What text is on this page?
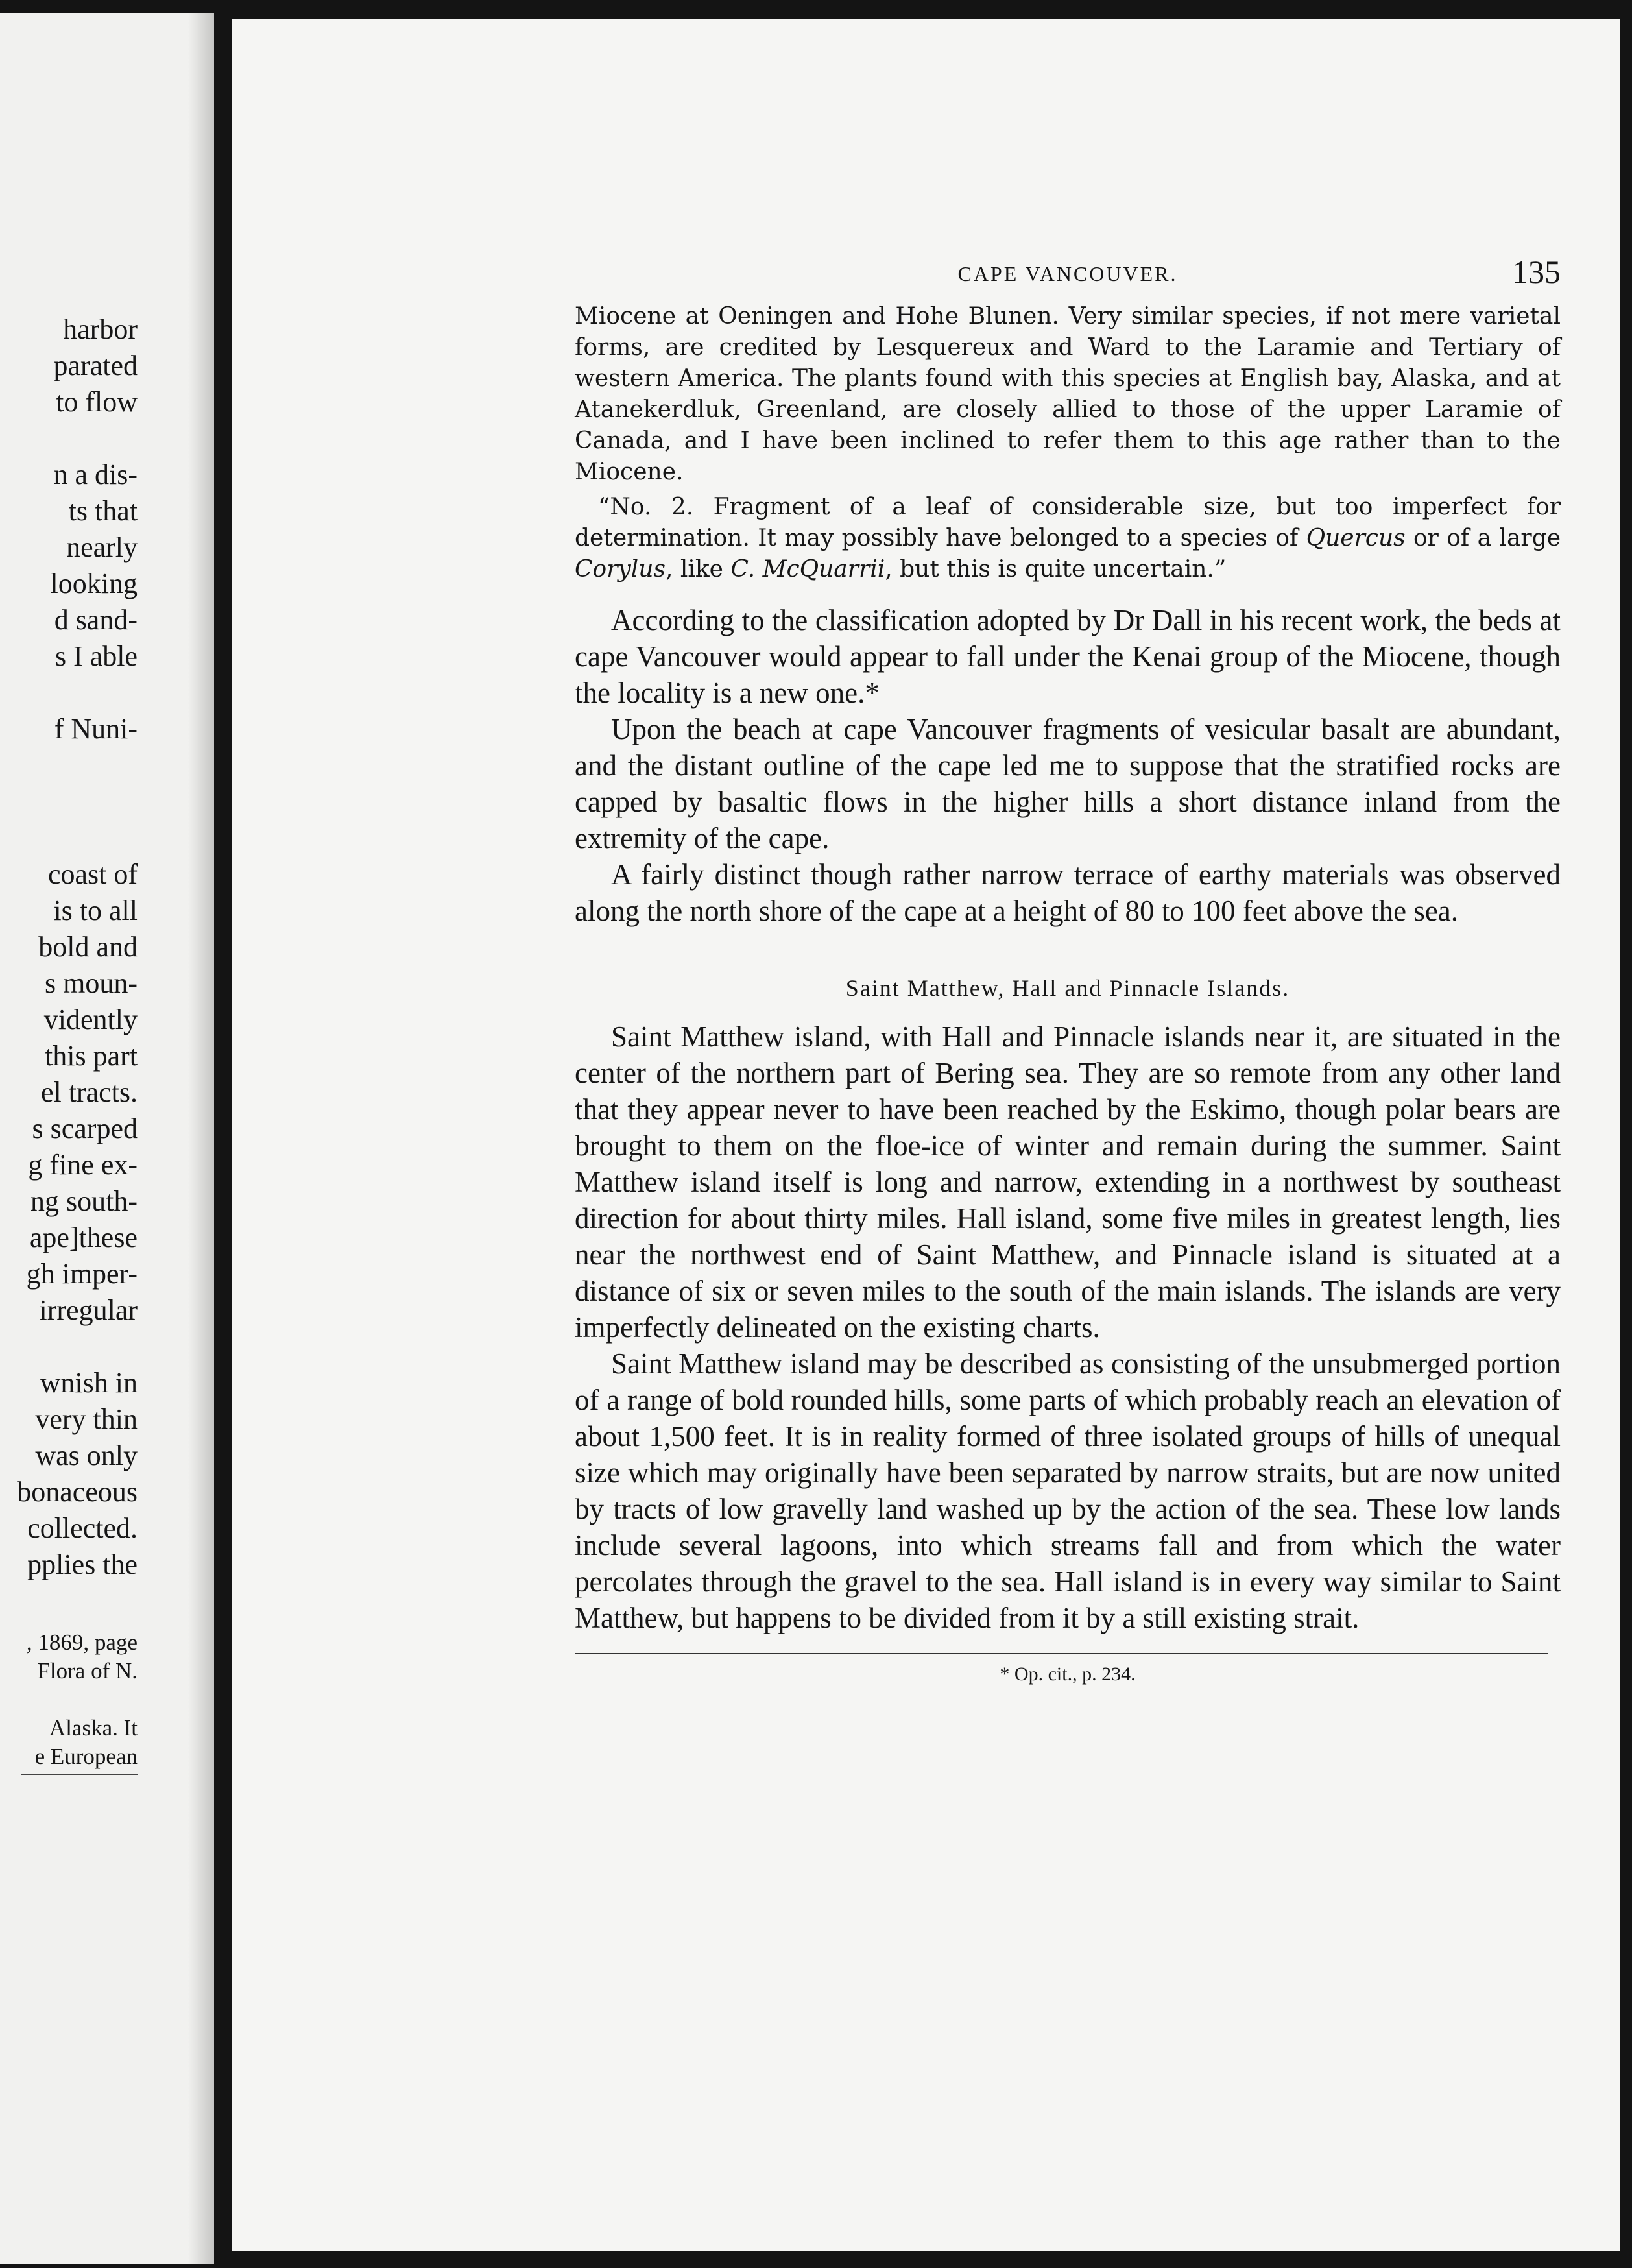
harbor
parated
to flow
n a dis-
ts that
nearly
looking
d sand-
s I able
f Nuni-
coast of
is to all
bold and
s moun-
vidently
this part
el tracts.
s scarped
g fine ex-
ng south-
ape]these
gh imper-
irregular
wnish in
very thin
was only
bonaceous
collected.
pplies the
, 1869, page
Flora of N.
Alaska. It
e European
CAPE VANCOUVER.	135

Miocene at Oeningen and Hohe Blunen. Very similar species, if not mere varietal forms, are credited by Lesquereux and Ward to the Laramie and Tertiary of western America. The plants found with this species at English bay, Alaska, and at Atanekerdluk, Greenland, are closely allied to those of the upper Laramie of Canada, and I have been inclined to refer them to this age rather than to the Miocene.

“No. 2. Fragment of a leaf of considerable size, but too imperfect for determination. It may possibly have belonged to a species of Quercus or of a large Corylus, like C. McQuarrii, but this is quite uncertain.”

According to the classification adopted by Dr Dall in his recent work, the beds at cape Vancouver would appear to fall under the Kenai group of the Miocene, though the locality is a new one.*

Upon the beach at cape Vancouver fragments of vesicular basalt are abundant, and the distant outline of the cape led me to suppose that the stratified rocks are capped by basaltic flows in the higher hills a short distance inland from the extremity of the cape.

A fairly distinct though rather narrow terrace of earthy materials was observed along the north shore of the cape at a height of 80 to 100 feet above the sea.

Saint Matthew, Hall and Pinnacle Islands.

Saint Matthew island, with Hall and Pinnacle islands near it, are situated in the center of the northern part of Bering sea. They are so remote from any other land that they appear never to have been reached by the Eskimo, though polar bears are brought to them on the floe-ice of winter and remain during the summer. Saint Matthew island itself is long and narrow, extending in a northwest by southeast direction for about thirty miles. Hall island, some five miles in greatest length, lies near the northwest end of Saint Matthew, and Pinnacle island is situated at a distance of six or seven miles to the south of the main islands. The islands are very imperfectly delineated on the existing charts.

Saint Matthew island may be described as consisting of the unsubmerged portion of a range of bold rounded hills, some parts of which probably reach an elevation of about 1,500 feet. It is in reality formed of three isolated groups of hills of unequal size which may originally have been separated by narrow straits, but are now united by tracts of low gravelly land washed up by the action of the sea. These low lands include several lagoons, into which streams fall and from which the water percolates through the gravel to the sea. Hall island is in every way similar to Saint Matthew, but happens to be divided from it by a still existing strait.

* Op. cit., p. 234.
